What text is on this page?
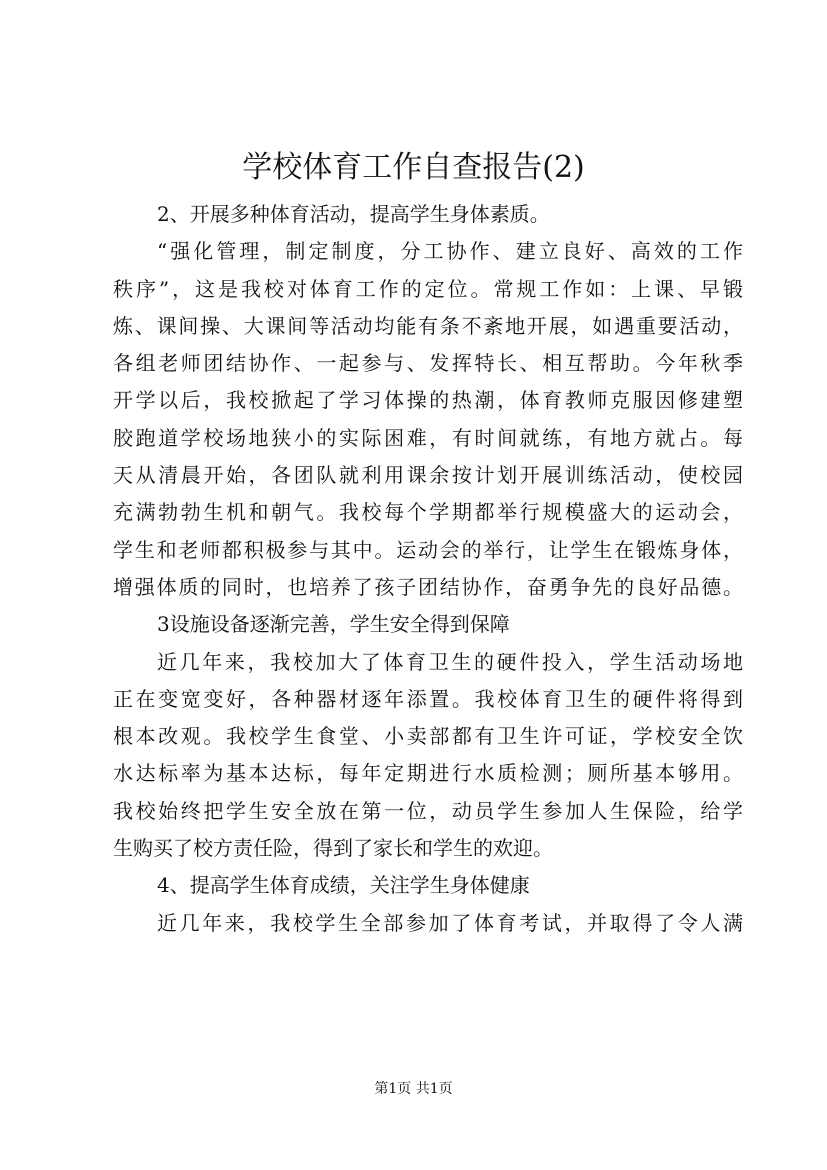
学校体育工作自查报告(2)
2、开展多种体育活动，提高学生身体素质。
“强化管理，制定制度，分工协作、建立良好、高效的工作
秩序”，这是我校对体育工作的定位。常规工作如：上课、早锻
炼、课间操、大课间等活动均能有条不紊地开展，如遇重要活动，
各组老师团结协作、一起参与、发挥特长、相互帮助。今年秋季
开学以后，我校掀起了学习体操的热潮，体育教师克服因修建塑
胶跑道学校场地狭小的实际困难，有时间就练，有地方就占。每
天从清晨开始，各团队就利用课余按计划开展训练活动，使校园
充满勃勃生机和朝气。我校每个学期都举行规模盛大的运动会，
学生和老师都积极参与其中。运动会的举行，让学生在锻炼身体，
增强体质的同时，也培养了孩子团结协作，奋勇争先的良好品德。
3设施设备逐渐完善，学生安全得到保障
近几年来，我校加大了体育卫生的硬件投入，学生活动场地
正在变宽变好，各种器材逐年添置。我校体育卫生的硬件将得到
根本改观。我校学生食堂、小卖部都有卫生许可证，学校安全饮
水达标率为基本达标，每年定期进行水质检测；厕所基本够用。
我校始终把学生安全放在第一位，动员学生参加人生保险，给学
生购买了校方责任险，得到了家长和学生的欢迎。
4、提高学生体育成绩，关注学生身体健康
近几年来，我校学生全部参加了体育考试，并取得了令人满
第1页 共1页
